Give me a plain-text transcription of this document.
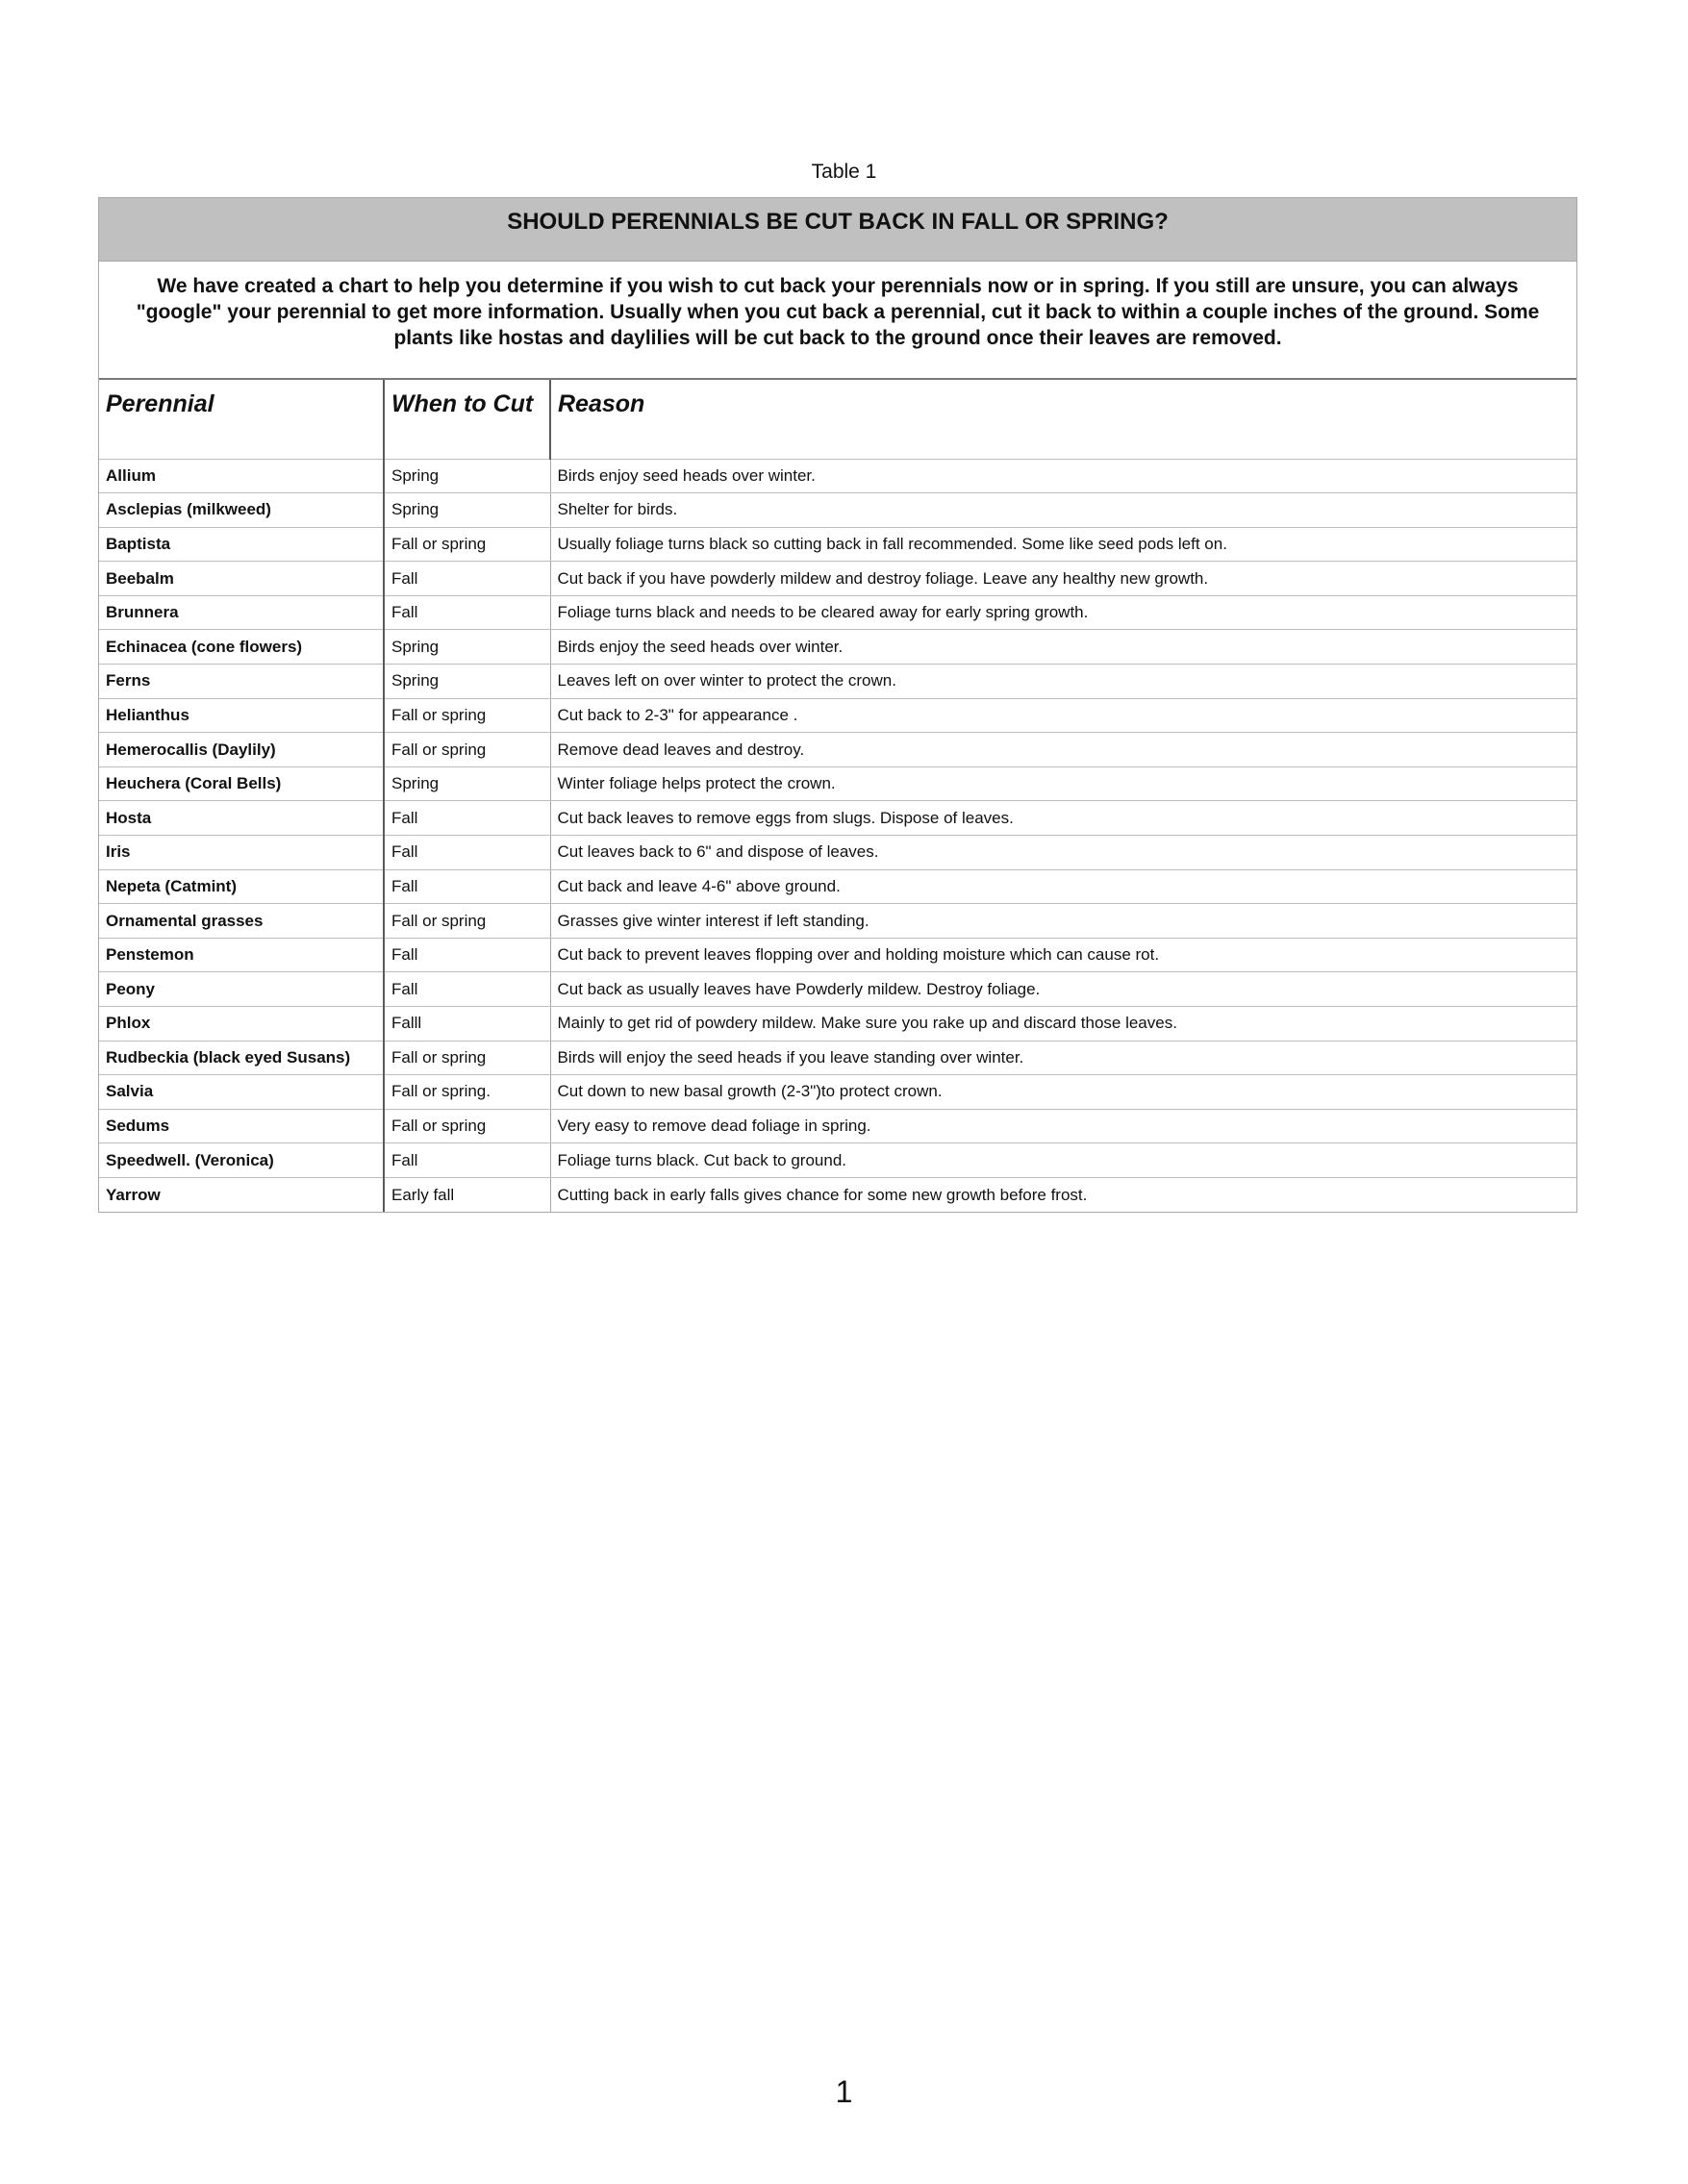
Table 1
SHOULD PERENNIALS BE CUT BACK IN FALL OR SPRING?
We have created a chart to help you determine if you wish to cut back your perennials now or in spring. If you still are unsure, you can always "google" your perennial to get more information. Usually when you cut back a perennial, cut it back to within a couple inches of the ground. Some plants like hostas and daylilies will be cut back to the ground once their leaves are removed.
Perennial	When to Cut	Reason
Allium	Spring	Birds enjoy seed heads over winter.
Asclepias (milkweed)	Spring	Shelter for birds.
Baptista	Fall or spring	Usually foliage turns black so cutting back in fall recommended. Some like seed pods left on.
Beebalm	Fall	Cut back if you have powderly mildew and destroy foliage. Leave any healthy new growth.
Brunnera	Fall	Foliage turns black and needs to be cleared away for early spring growth.
Echinacea (cone flowers)	Spring	Birds enjoy the seed heads over winter.
Ferns	Spring	Leaves left on over winter to protect the crown.
Helianthus	Fall or spring	Cut back to 2-3" for appearance .
Hemerocallis (Daylily)	Fall or spring	Remove dead leaves and destroy.
Heuchera (Coral Bells)	Spring	Winter foliage helps protect the crown.
Hosta	Fall	Cut back leaves to remove eggs from slugs. Dispose of leaves.
Iris	Fall	Cut leaves back to 6" and dispose of leaves.
Nepeta (Catmint)	Fall	Cut back and leave 4-6" above ground.
Ornamental grasses	Fall or spring	Grasses give winter interest if left standing.
Penstemon	Fall	Cut back to prevent leaves flopping over and holding moisture which can cause rot.
Peony	Fall	Cut back as usually leaves have Powderly mildew. Destroy foliage.
Phlox	Falll	Mainly to get rid of powdery mildew. Make sure you rake up and discard those leaves.
Rudbeckia (black eyed Susans)	Fall or spring	Birds will enjoy the seed heads if you leave standing over winter.
Salvia	Fall or spring.	Cut down to new basal growth (2-3")to protect crown.
Sedums	Fall or spring	Very easy to remove dead foliage in spring.
Speedwell. (Veronica)	Fall	Foliage turns black. Cut back to ground.
Yarrow	Early fall	Cutting back in early falls gives chance for some new growth before frost.
1
